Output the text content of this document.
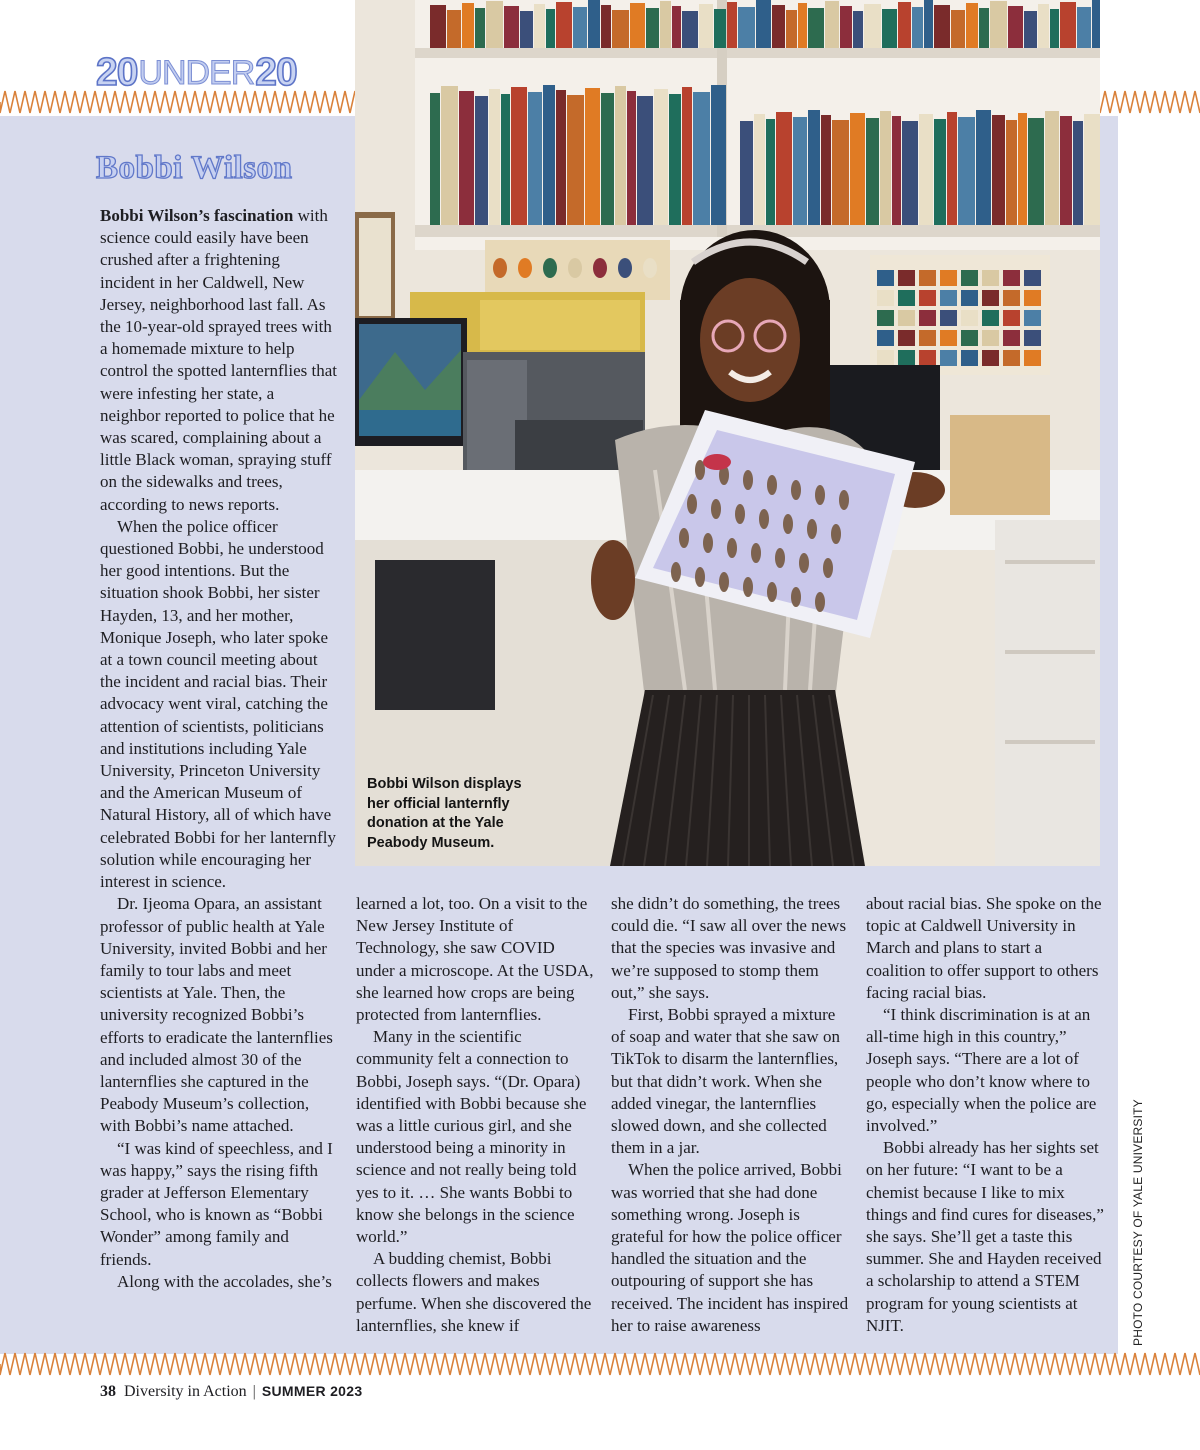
20 UNDER 20
Bobbi Wilson
Bobbi Wilson displays her official lanternfly donation at the Yale Peabody Museum.

Bobbi Wilson’s fascination with science could easily have been crushed after a frightening incident in her Caldwell, New Jersey, neighborhood last fall. As the 10-year-old sprayed trees with a homemade mixture to help control the spotted lanternflies that were infesting her state, a neighbor reported to police that he was scared, complaining about a little Black woman, spraying stuff on the sidewalks and trees, according to news reports.

When the police officer questioned Bobbi, he understood her good intentions. But the situation shook Bobbi, her sister Hayden, 13, and her mother, Monique Joseph, who later spoke at a town council meeting about the incident and racial bias. Their advocacy went viral, catching the attention of scientists, politicians and institutions including Yale University, Princeton University and the American Museum of Natural History, all of which have celebrated Bobbi for her lanternfly solution while encouraging her interest in science.

Dr. Ijeoma Opara, an assistant professor of public health at Yale University, invited Bobbi and her family to tour labs and meet scientists at Yale. Then, the university recognized Bobbi’s efforts to eradicate the lanternflies and included almost 30 of the lanternflies she captured in the Peabody Museum’s collection, with Bobbi’s name attached.

“I was kind of speechless, and I was happy,” says the rising fifth grader at Jefferson Elementary School, who is known as “Bobbi Wonder” among family and friends.

Along with the accolades, she’s

learned a lot, too. On a visit to the New Jersey Institute of Technology, she saw COVID under a microscope. At the USDA, she learned how crops are being protected from lanternflies.

Many in the scientific community felt a connection to Bobbi, Joseph says. “(Dr. Opara) identified with Bobbi because she was a little curious girl, and she understood being a minority in science and not really being told yes to it. … She wants Bobbi to know she belongs in the science world.”

A budding chemist, Bobbi collects flowers and makes perfume. When she discovered the lanternflies, she knew if

she didn’t do something, the trees could die. “I saw all over the news that the species was invasive and we’re supposed to stomp them out,” she says.

First, Bobbi sprayed a mixture of soap and water that she saw on TikTok to disarm the lanternflies, but that didn’t work. When she added vinegar, the lanternflies slowed down, and she collected them in a jar.

When the police arrived, Bobbi was worried that she had done something wrong. Joseph is grateful for how the police officer handled the situation and the outpouring of support she has received. The incident has inspired her to raise awareness

about racial bias. She spoke on the topic at Caldwell University in March and plans to start a coalition to offer support to others facing racial bias.

“I think discrimination is at an all-time high in this country,” Joseph says. “There are a lot of people who don’t know where to go, especially when the police are involved.”

Bobbi already has her sights set on her future: “I want to be a chemist because I like to mix things and find cures for diseases,” she says. She’ll get a taste this summer. She and Hayden received a scholarship to attend a STEM program for young scientists at NJIT.	PHOTO COURTESY OF YALE UNIVERSITY
38 Diversity in Action | SUMMER 2023
